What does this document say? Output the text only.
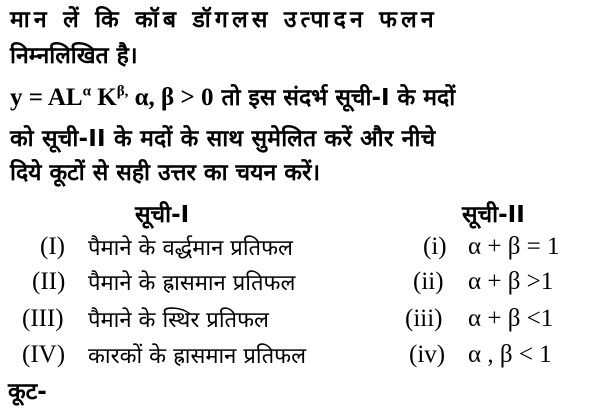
मान लें कि कॉब डॉगलस उत्पादन फलन
निम्नलिखित है।
$y = AL^\alpha$ $K^{\beta,}$ α, β > 0 तो इस संदर्भ सूची-I के मदों
को सूची-II के मदों के साथ सुमेलित करें और नीचे
दिये कूटों से सही उत्तर का चयन करें।
सूची-I	सूची-II
(I) पैमाने के वर्द्धमान प्रतिफल
(II) पैमाने के ह्रासमान प्रतिफल
(III) पैमाने के स्थिर प्रतिफल
(IV) कारकों के ह्रासमान प्रतिफल
(i) α + β = 1
(ii) α + β >1
(iii) α + β <1
(iv) α , β < 1
कूट-
